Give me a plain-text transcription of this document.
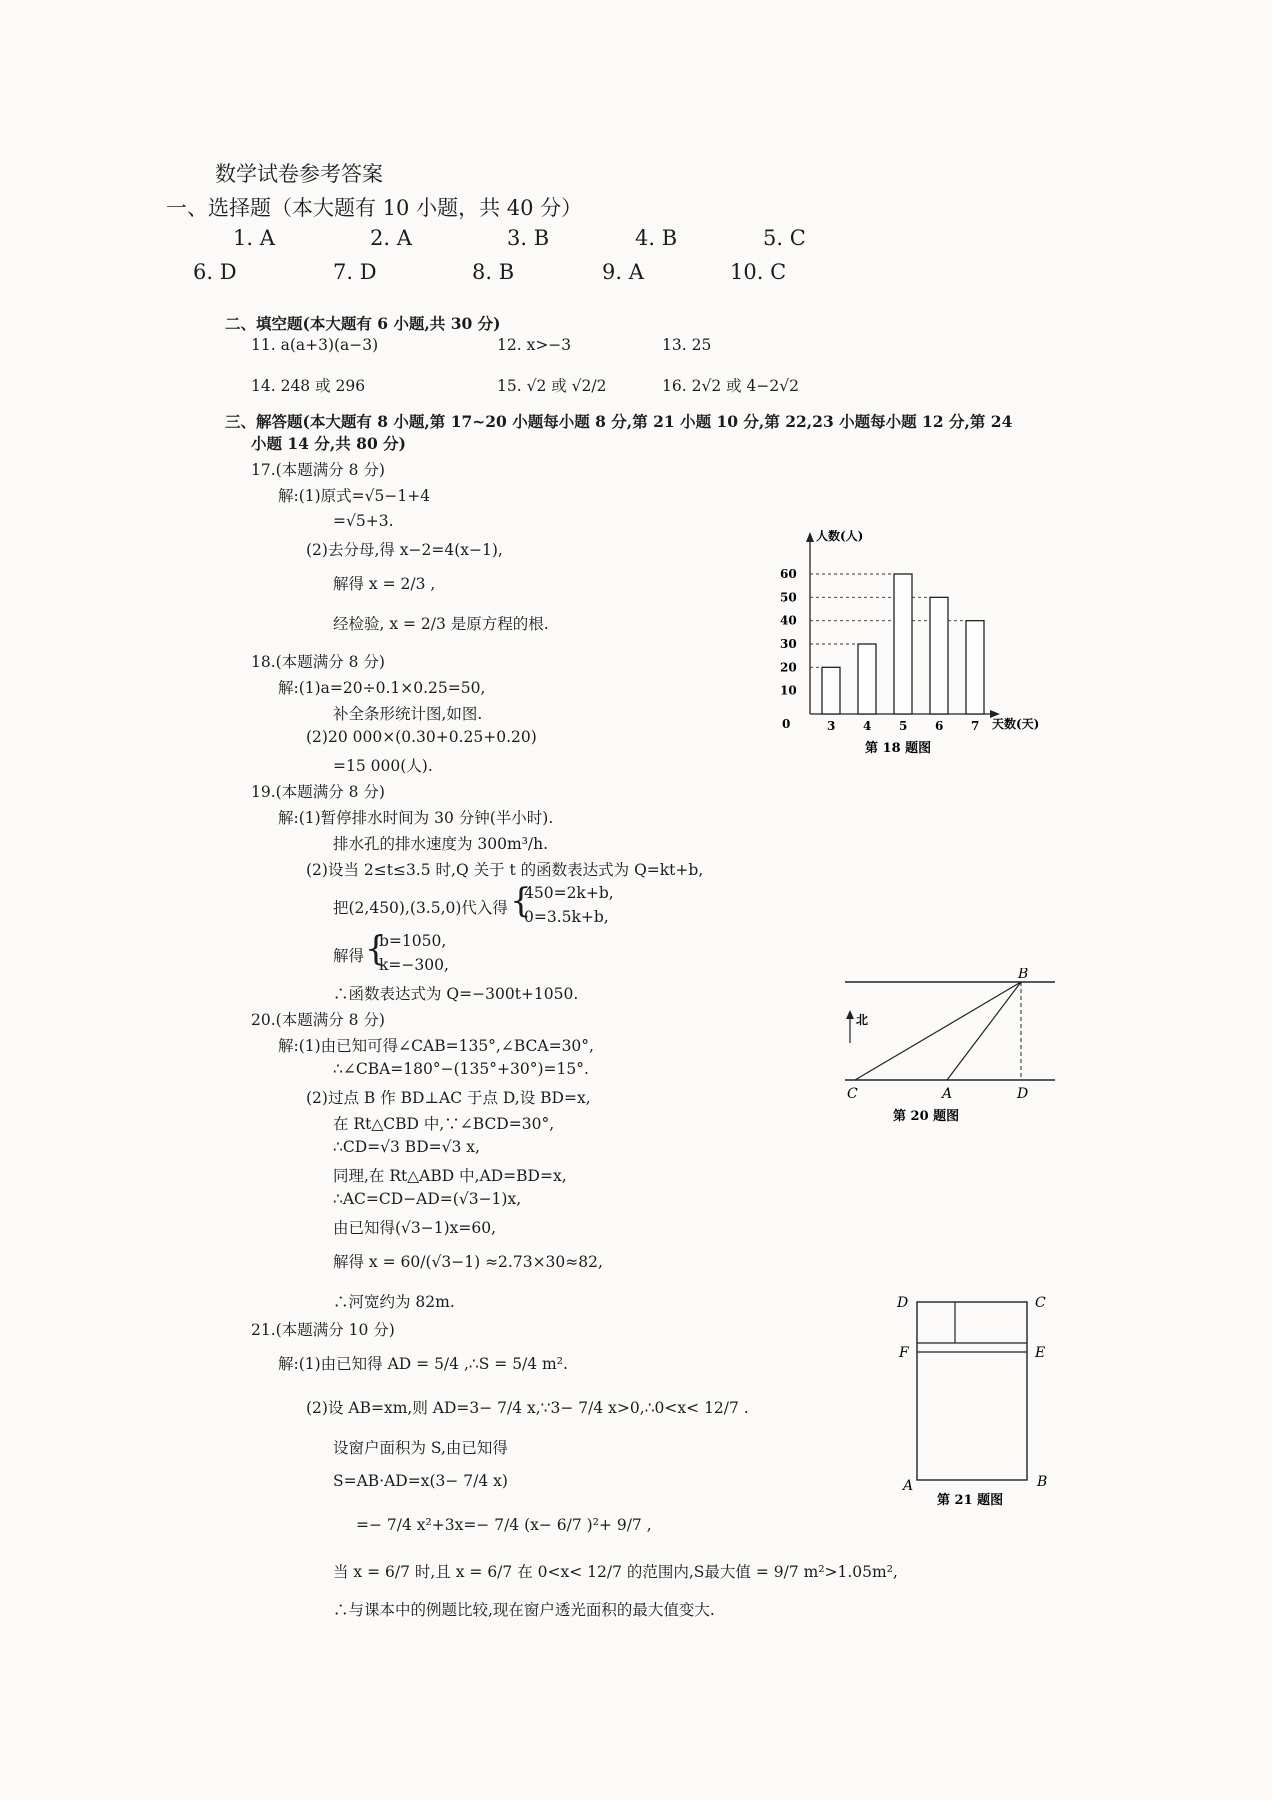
数学试卷参考答案
一、选择题（本大题有 10 小题，共 40 分）
1. A	2. A	3. B	4. B	5. C
6. D	7. D	8. B	9. A	10. C
二、填空题(本大题有 6 小题,共 30 分)
11. a(a+3)(a−3)	12. x>−3	13. 25
14. 248 或 296	15. √2 或 √2/2	16. 2√2 或 4−2√2
三、解答题(本大题有 8 小题,第 17~20 小题每小题 8 分,第 21 小题 10 分,第 22,23 小题每小题 12 分,第 24
小题 14 分,共 80 分)
17.(本题满分 8 分)
解:(1)原式=√5−1+4
=√5+3.
(2)去分母,得 x−2=4(x−1),
解得 x = 2/3 ,
经检验, x = 2/3 是原方程的根.
18.(本题满分 8 分)
解:(1)a=20÷0.1×0.25=50,
补全条形统计图,如图.
(2)20 000×(0.30+0.25+0.20)
=15 000(人).
19.(本题满分 8 分)
解:(1)暂停排水时间为 30 分钟(半小时).
排水孔的排水速度为 300m³/h.
(2)设当 2≤t≤3.5 时,Q 关于 t 的函数表达式为 Q=kt+b,
把(2,450),(3.5,0)代入得 {
450=2k+b,
0=3.5k+b,
解得 {
b=1050,
k=−300,
∴函数表达式为 Q=−300t+1050.
20.(本题满分 8 分)
解:(1)由已知可得∠CAB=135°,∠BCA=30°,
∴∠CBA=180°−(135°+30°)=15°.
(2)过点 B 作 BD⊥AC 于点 D,设 BD=x,
在 Rt△CBD 中,∵∠BCD=30°,
∴CD=√3 BD=√3 x,
同理,在 Rt△ABD 中,AD=BD=x,
∴AC=CD−AD=(√3−1)x,
由已知得(√3−1)x=60,
解得 x = 60/(√3−1) ≈2.73×30≈82,
∴河宽约为 82m.
21.(本题满分 10 分)
解:(1)由已知得 AD = 5/4 ,∴S = 5/4 m².
(2)设 AB=xm,则 AD=3− 7/4 x,∵3− 7/4 x>0,∴0<x< 12/7 .
设窗户面积为 S,由已知得
S=AB·AD=x(3− 7/4 x)
=− 7/4 x²+3x=− 7/4 (x− 6/7 )²+ 9/7 ,
当 x = 6/7 时,且 x = 6/7 在 0<x< 12/7 的范围内,S最大值 = 9/7 m²>1.05m²,
∴与课本中的例题比较,现在窗户透光面积的最大值变大.
10
20
30
40
50
60
3 4 5 6 7
0
人数(人)
天数(天)
第 18 题图
北
B
C	A	D
第 20 题图
D	C
F	E
A	B
第 21 题图
